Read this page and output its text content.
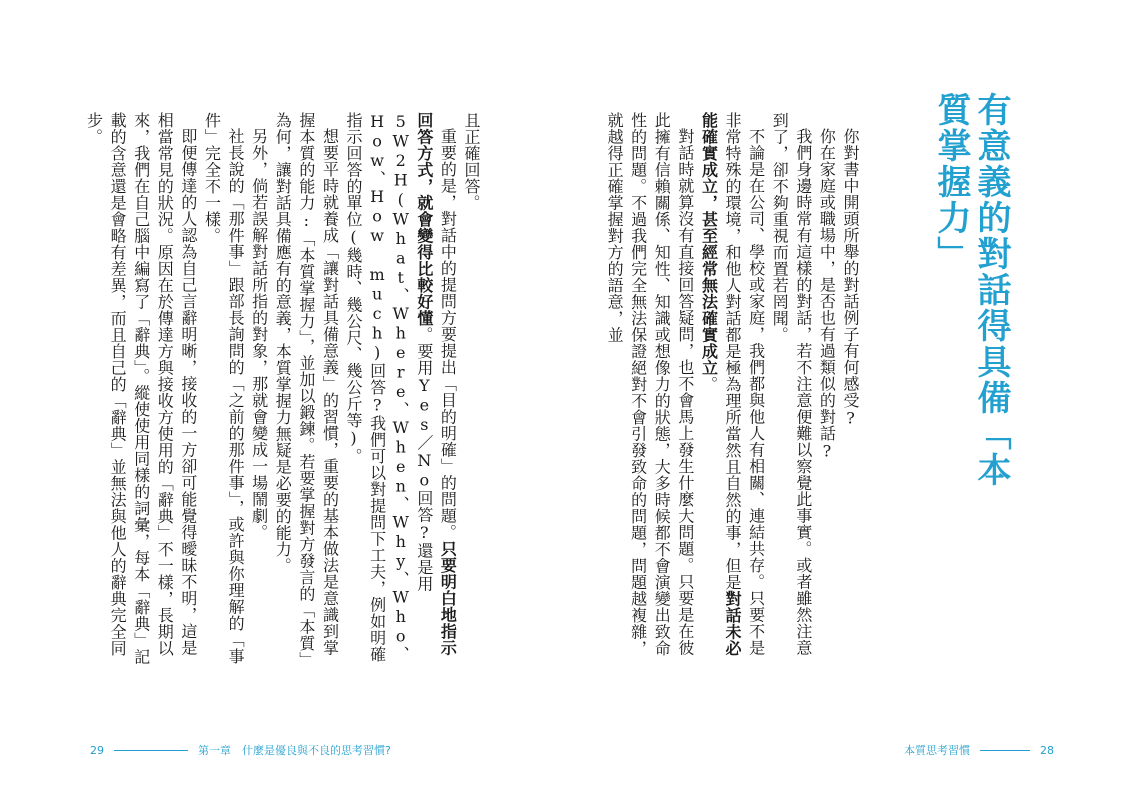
有意義的對話得具備「本質掌握力」

你對書中開頭所舉的對話例子有何感受?

你在家庭或職場中，是否也有過類似的對話?

我們身邊時常有這樣的對話，若不注意便難以察覺此事實。或者雖然注意到了，卻不夠重視而置若罔聞。

不論是在公司、學校或家庭，我們都與他人有相關、連結共存。只要不是非常特殊的環境，和他人對話都是極為理所當然且自然的事，但是對話未必能確實成立，甚至經常無法確實成立。

對話時就算沒有直接回答疑問，也不會馬上發生什麼大問題。只要是在彼此擁有信賴關係、知性、知識或想像力的狀態，大多時候都不會演變出致命性的問題。不過我們完全無法保證絕對不會引發致命的問題，問題越複雜，就越得正確掌握對方的語意，並

且正確回答。

重要的是，對話中的提問方要提出「目的明確」的問題。只要明白地指示回答方式，就會變得比較好懂。要用Yes／No回答?還是用5W2H(What、Where、When、Why、Who、How、How much)回答?我們可以對提問下工夫，例如明確指示回答的單位(幾時、幾公尺、幾公斤等)。

想要平時就養成「讓對話具備意義」的習慣，重要的基本做法是意識到掌握本質的能力:「本質掌握力」，並加以鍛鍊。若要掌握對方發言的「本質」為何，讓對話具備應有的意義，本質掌握力無疑是必要的能力。

另外，倘若誤解對話所指的對象，那就會變成一場鬧劇。

社長說的「那件事」跟部長詢問的「之前的那件事」，或許與你理解的「事件」完全不一樣。

即便傳達的人認為自己言辭明晰，接收的一方卻可能覺得曖昧不明，這是相當常見的狀況。原因在於傳達方與接收方使用的「辭典」不一樣，長期以來，我們在自己腦中編寫了「辭典」。縱使使用同樣的詞彙，每本「辭典」記載的含意還是會略有差異，而且自己的「辭典」並無法與他人的辭典完全同步。

29	第一章　什麼是優良與不良的思考習慣?	本質思考習慣	28
